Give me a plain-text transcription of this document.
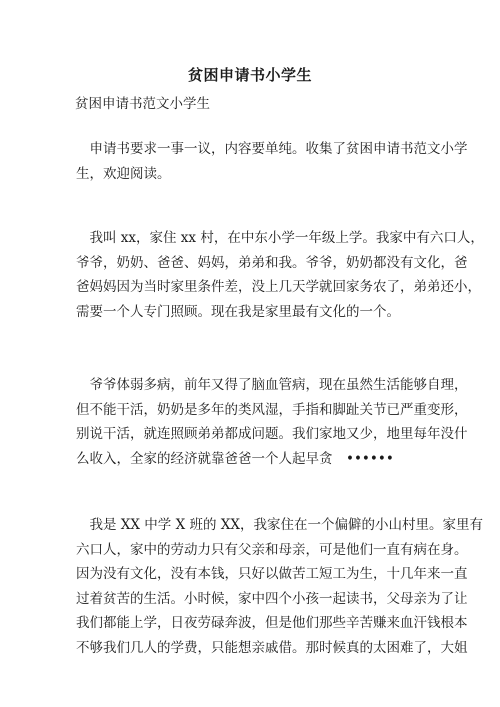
贫困申请书小学生
贫困申请书范文小学生

　申请书要求一事一议，内容要单纯。收集了贫困申请书范文小学
生，欢迎阅读。

　我叫 xx，家住 xx 村，在中东小学一年级上学。我家中有六口人，
爷爷，奶奶、爸爸、妈妈，弟弟和我。爷爷，奶奶都没有文化，爸
爸妈妈因为当时家里条件差，没上几天学就回家务农了，弟弟还小，
需要一个人专门照顾。现在我是家里最有文化的一个。

　爷爷体弱多病，前年又得了脑血管病，现在虽然生活能够自理，
但不能干活，奶奶是多年的类风湿，手指和脚趾关节已严重变形，
别说干活，就连照顾弟弟都成问题。我们家地又少，地里每年没什
么收入，全家的经济就靠爸爸一个人起早贪　••••••

　我是 XX 中学 X 班的 XX，我家住在一个偏僻的小山村里。家里有
六口人，家中的劳动力只有父亲和母亲，可是他们一直有病在身。
因为没有文化，没有本钱，只好以做苦工短工为生，十几年来一直
过着贫苦的生活。小时候，家中四个小孩一起读书，父母亲为了让
我们都能上学，日夜劳碌奔波，但是他们那些辛苦赚来血汗钱根本
不够我们几人的学费，只能想亲戚借。那时候真的太困难了，大姐
